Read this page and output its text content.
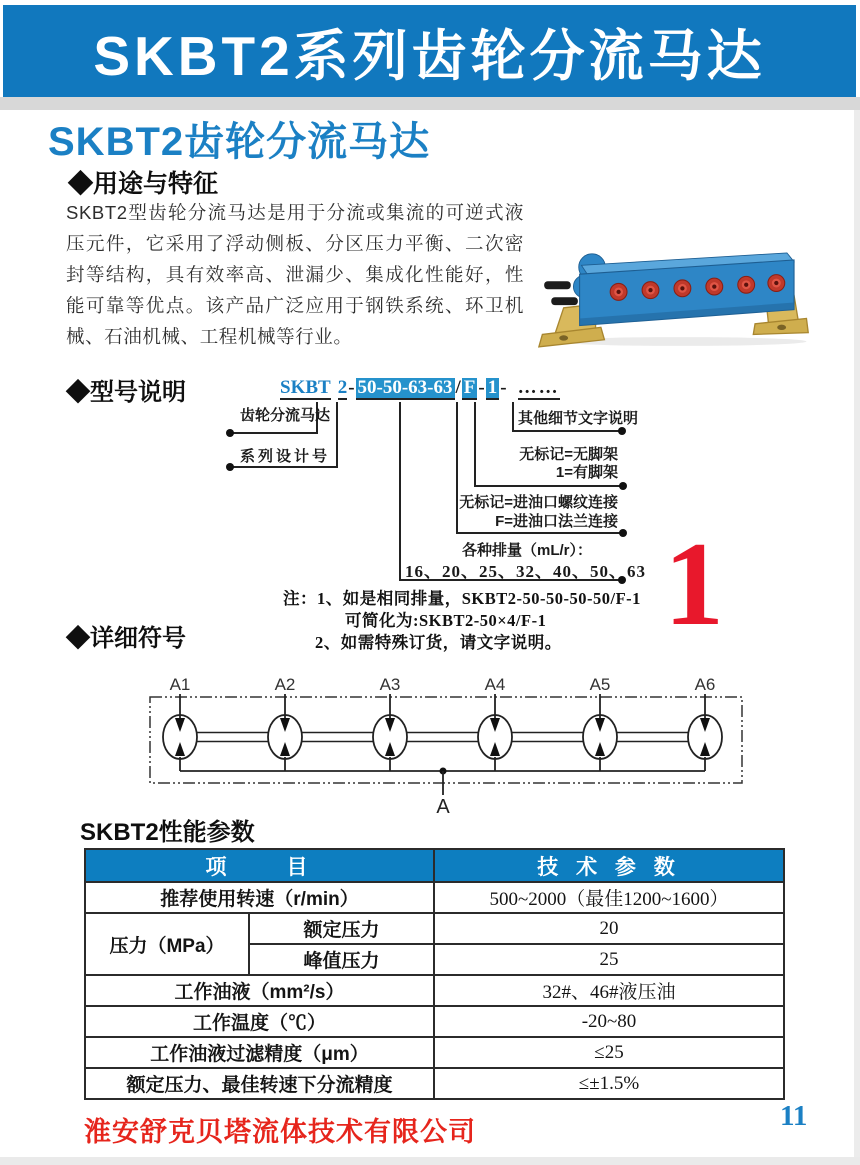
SKBT2系列齿轮分流马达
SKBT2齿轮分流马达
◆用途与特征
SKBT2型齿轮分流马达是用于分流或集流的可逆式液压元件，它采用了浮动侧板、分区压力平衡、二次密封等结构，具有效率高、泄漏少、集成化性能好，性能可靠等优点。该产品广泛应用于钢铁系统、环卫机械、石油机械、工程机械等行业。
◆型号说明	SKBT 2 - 50-50-63-63 / F - 1 - ……
齿轮分流马达
系列设计号
其他细节文字说明
无标记=无脚架
1=有脚架
无标记=进油口螺纹连接
F=进油口法兰连接
各种排量（mL/r）：
16、20、25、32、40、50、63
注：1、如是相同排量，SKBT2-50-50-50-50/F-1
可简化为:SKBT2-50×4/F-1
2、如需特殊订货，请文字说明。 1
◆详细符号
A1	A2	A3	A4	A5	A6
A
SKBT2性能参数
项　　目		技 术 参 数
推荐使用转速（r/min）		500~2000（最佳1200~1600）
压力（MPa）	额定压力	20
	峰值压力	25
工作油液（mm²/s）		32#、46#液压油
工作温度（℃）		-20~80
工作油液过滤精度（μm）		≤25
额定压力、最佳转速下分流精度		≤±1.5%
淮安舒克贝塔流体技术有限公司	11
